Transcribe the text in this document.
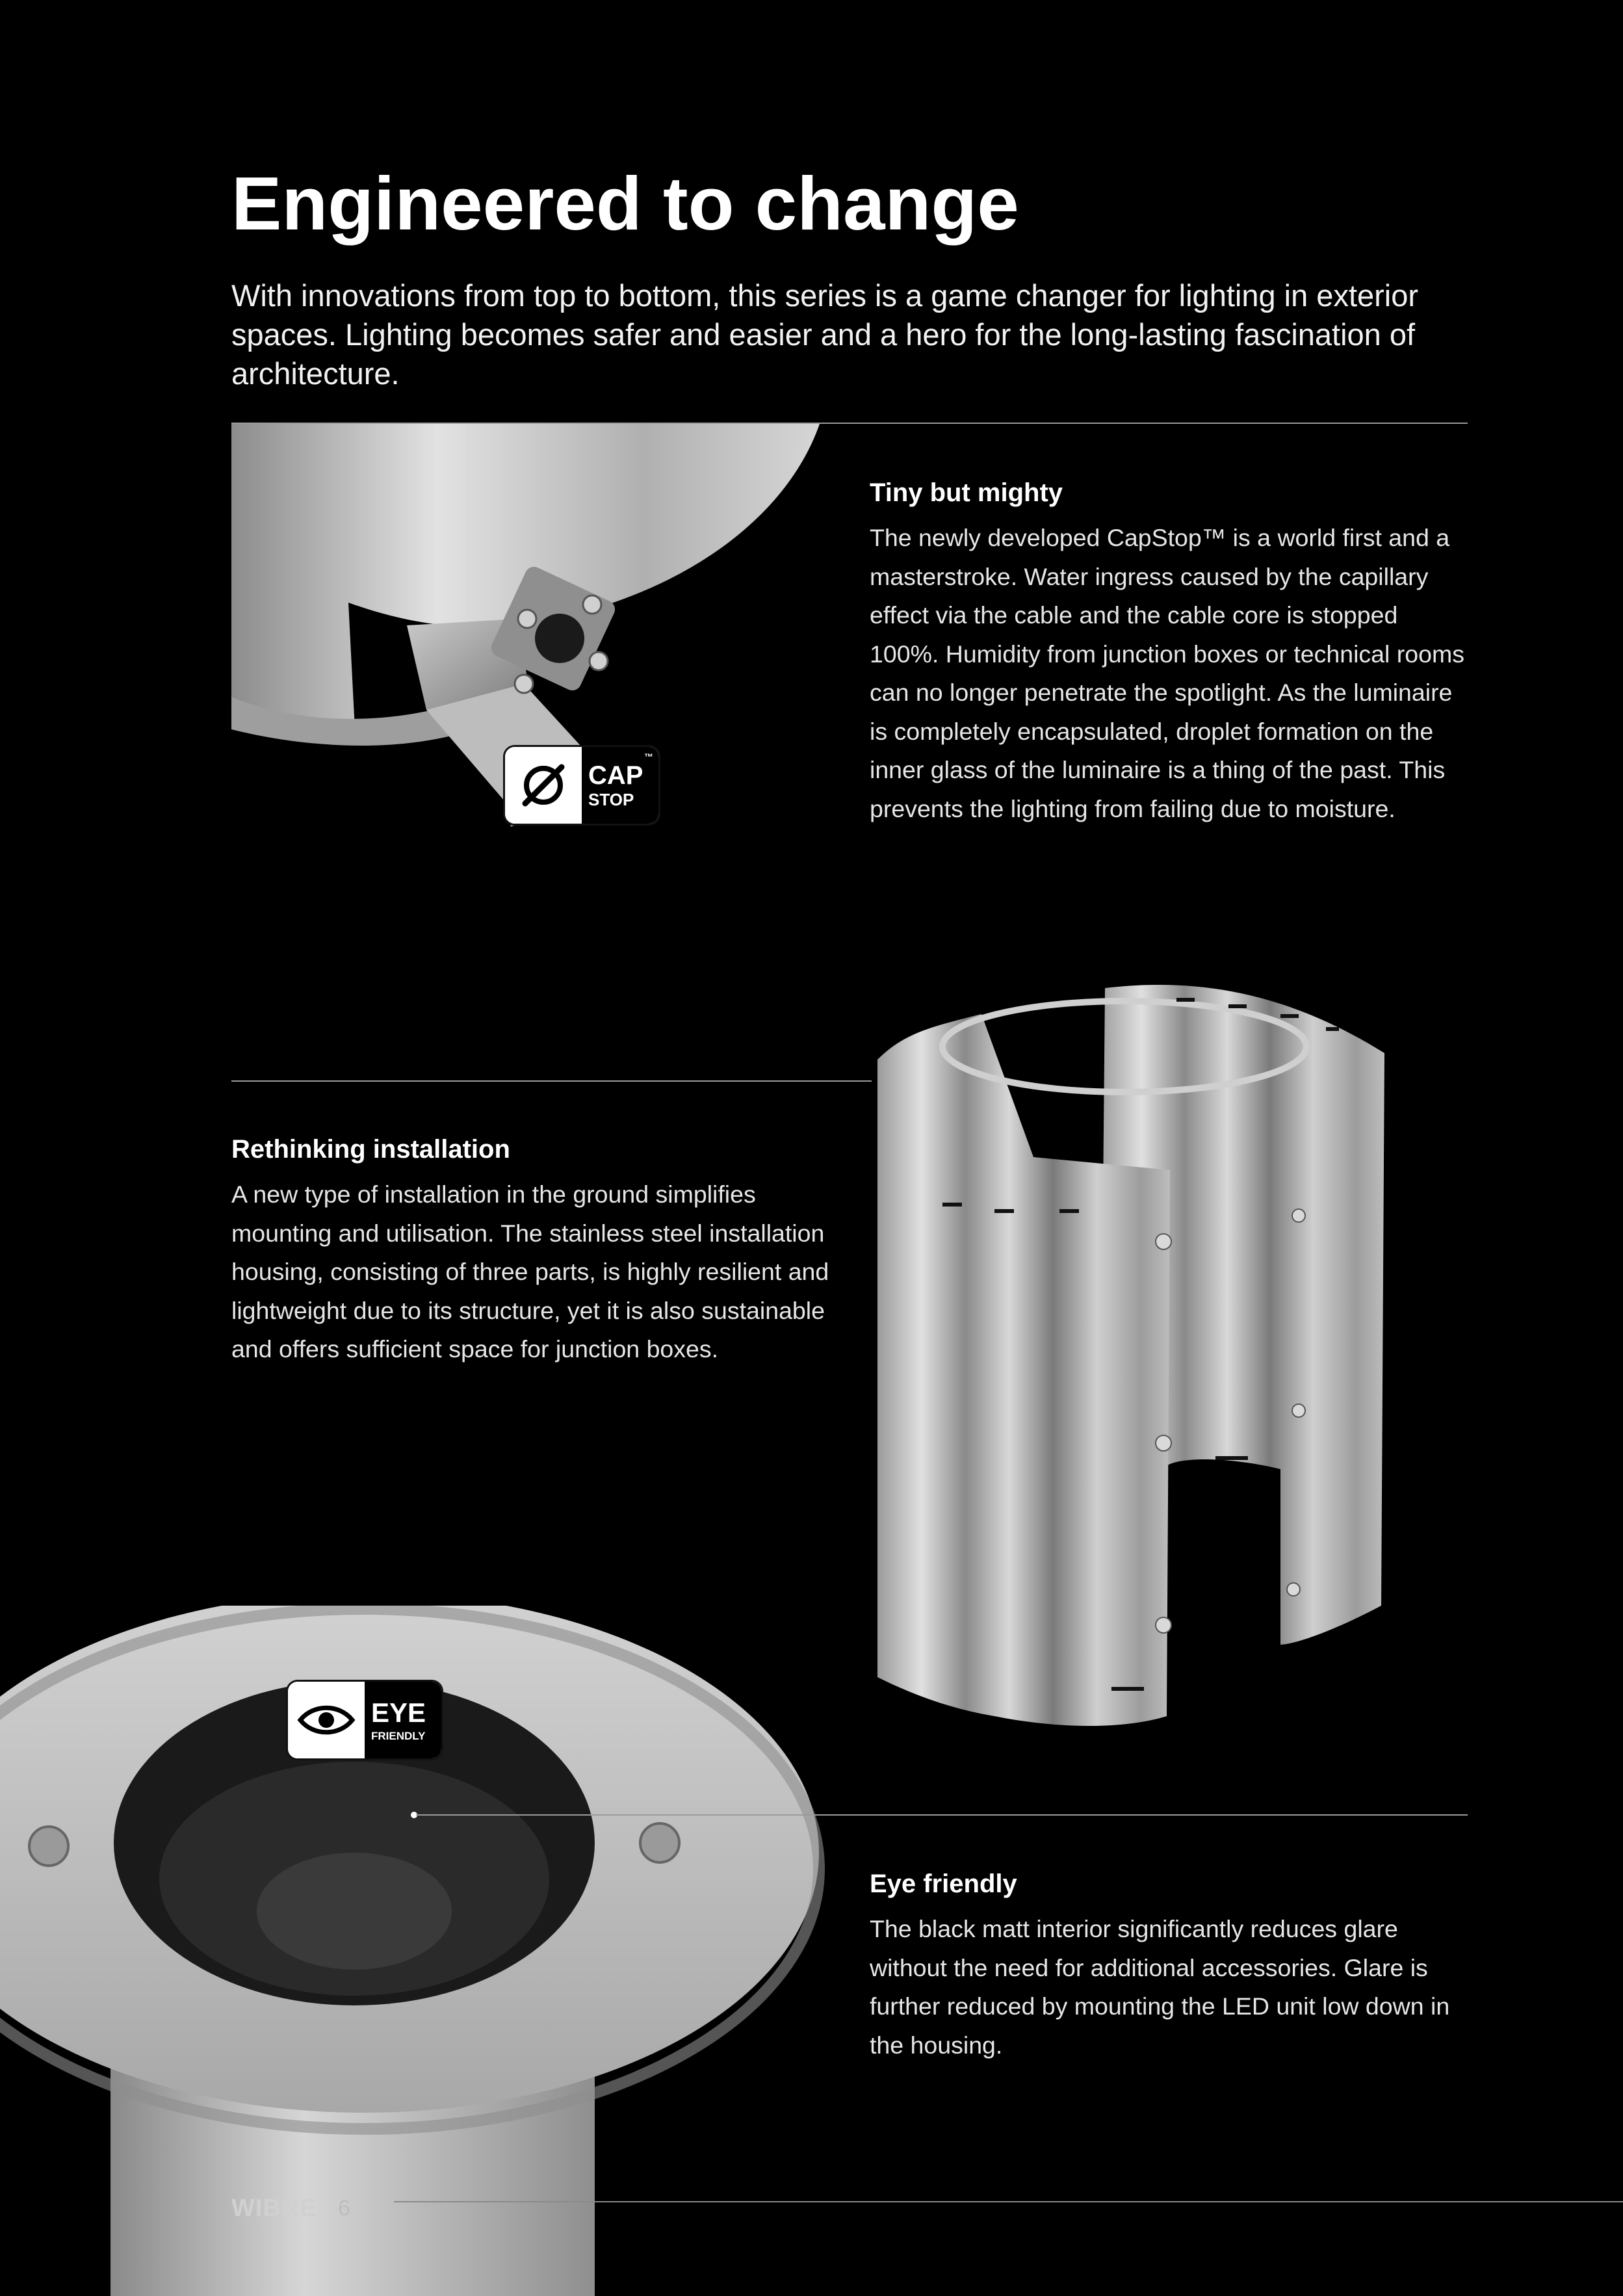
Engineered to change
With innovations from top to bottom, this series is a game changer for lighting in exterior spaces. Lighting becomes safer and easier and a hero for the long-lasting fascination of architecture.
CAP
STOP
™
Tiny but mighty

The newly developed CapStop™ is a world first and a masterstroke. Water ingress caused by the capillary effect via the cable and the cable core is stopped 100%. Humidity from junction boxes or technical rooms can no longer penetrate the spotlight. As the luminaire is completely encapsulated, droplet formation on the inner glass of the luminaire is a thing of the past. This prevents the lighting from failing due to moisture.

Rethinking installation

A new type of installation in the ground simplifies mounting and utilisation. The stainless steel installation housing, consisting of three parts, is highly resilient and lightweight due to its structure, yet it is also sustainable and offers sufficient space for junction boxes.

EYE
FRIENDLY
Eye friendly

The black matt interior significantly reduces glare without the need for additional accessories. Glare is further reduced by mounting the LED unit low down in the housing.

WIBRE 6
